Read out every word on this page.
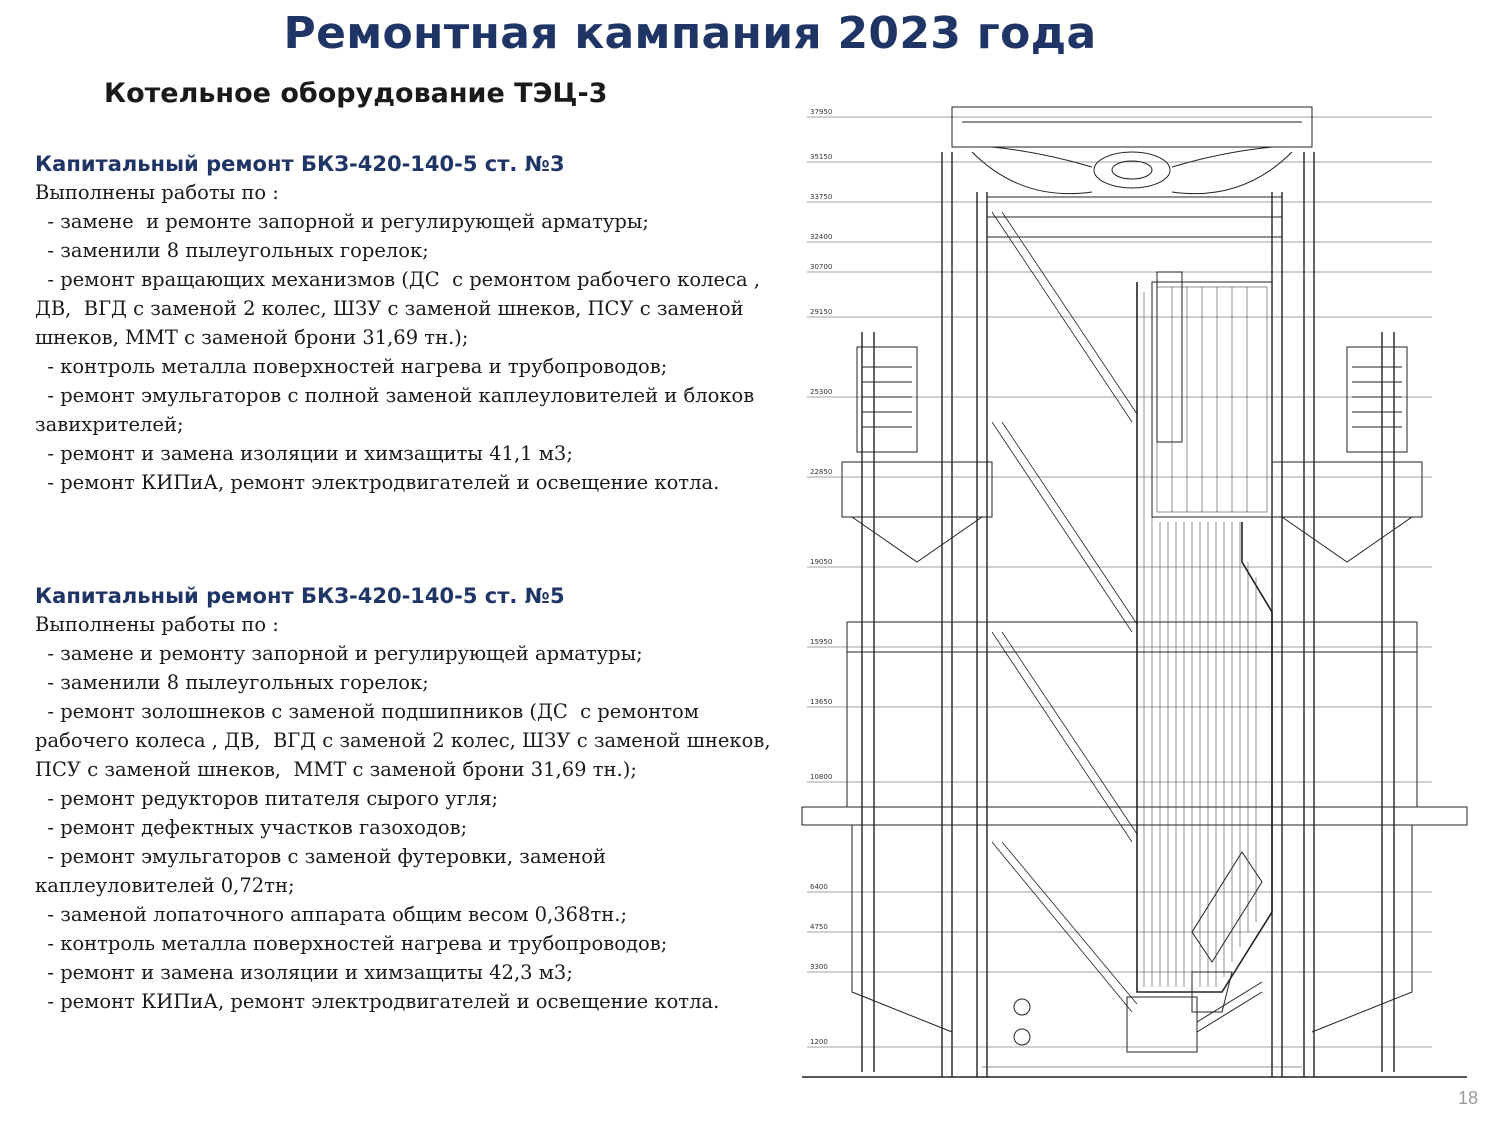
Ремонтная кампания 2023 года
Котельное оборудование ТЭЦ-3
Капитальный ремонт БКЗ-420-140-5 ст. №3
Выполнены работы по :
- замене  и ремонте запорной и регулирующей арматуры;
- заменили 8 пылеугольных горелок;
- ремонт вращающих механизмов (ДС  с ремонтом рабочего колеса , ДВ,  ВГД с заменой 2 колес, ШЗУ с заменой шнеков, ПСУ с заменой шнеков, ММТ с заменой брони 31,69 тн.);
- контроль металла поверхностей нагрева и трубопроводов;
- ремонт эмульгаторов с полной заменой каплеуловителей и блоков завихрителей;
- ремонт и замена изоляции и химзащиты 41,1 м3;
- ремонт КИПиА, ремонт электродвигателей и освещение котла.
Капитальный ремонт БКЗ-420-140-5 ст. №5
Выполнены работы по :
- замене и ремонту запорной и регулирующей арматуры;
- заменили 8 пылеугольных горелок;
- ремонт золошнеков с заменой подшипников (ДС  с ремонтом рабочего колеса , ДВ,  ВГД с заменой 2 колес, ШЗУ с заменой шнеков, ПСУ с заменой шнеков,  ММТ с заменой брони 31,69 тн.);
- ремонт редукторов питателя сырого угля;
- ремонт дефектных участков газоходов;
- ремонт эмульгаторов с заменой футеровки, заменой каплеуловителей 0,72тн;
- заменой лопаточного аппарата общим весом 0,368тн.;
- контроль металла поверхностей нагрева и трубопроводов;
- ремонт и замена изоляции и химзащиты 42,3 м3;
- ремонт КИПиА, ремонт электродвигателей и освещение котла.
37950
35150
33750
32400
30700
29150
25300
22850
19050
15950
13650
10800
6400
4750
3300
1200
18
